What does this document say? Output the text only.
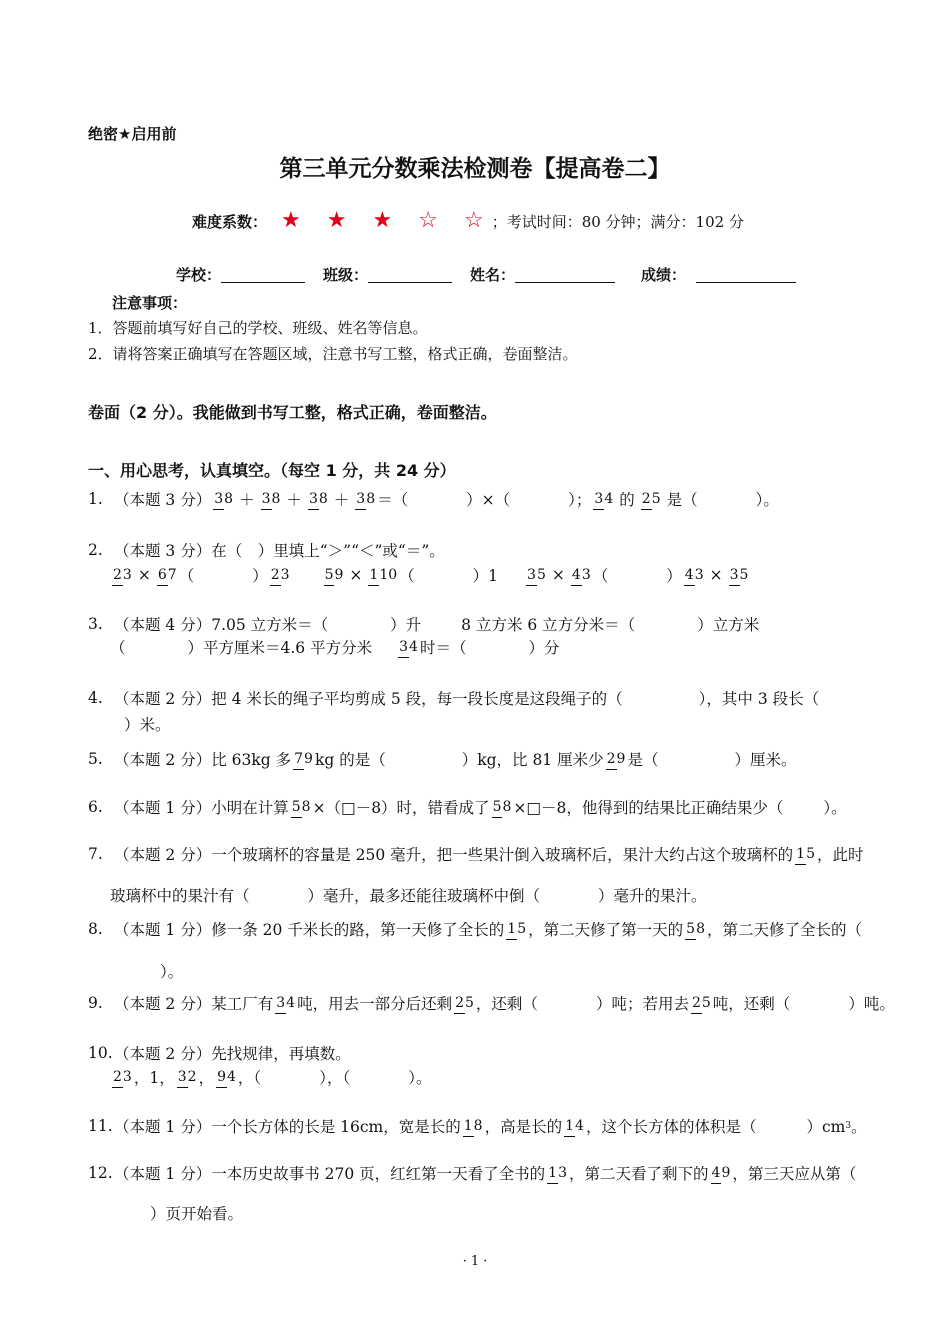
绝密★启用前
第三单元分数乘法检测卷【提高卷二】
难度系数： ★ ★ ★ ☆ ☆ ；考试时间：80 分钟；满分：102 分
学校：	班级：	姓名：	成绩：
注意事项：
1．答题前填写好自己的学校、班级、姓名等信息。
2．请将答案正确填写在答题区域，注意书写工整，格式正确，卷面整洁。
卷面（2 分）。我能做到书写工整，格式正确，卷面整洁。
一、用心思考，认真填空。（每空 1 分，共 24 分）
1. （本题 3 分） 38 ＋ 38 ＋ 38 ＋ 38 ＝（	）×（	）； 34 的 25 是（	）。
2. （本题 3 分）在（　）里填上“＞”“＜”或“＝”。
23 × 67 （	） 23	59 × 110 （	）1 35 × 43 （	） 43 × 35
3. （本题 4 分）7.05 立方米＝（	）升	8 立方米 6 立方分米＝（	）立方米
（	）平方厘米＝4.6 平方分米 34 时＝（	）分
4. （本题 2 分）把 4 米长的绳子平均剪成 5 段，每一段长度是这段绳子的（	），其中 3 段长（
）米。
5. （本题 2 分）比 63kg 多 79 kg 的是（	）kg，比 81 厘米少 29 是（	）厘米。
6. （本题 1 分）小明在计算 58 ×（□－8）时，错看成了 58 ×□－8，他得到的结果比正确结果少（	）。
7. （本题 2 分）一个玻璃杯的容量是 250 毫升，把一些果汁倒入玻璃杯后，果汁大约占这个玻璃杯的 15 ，此时
玻璃杯中的果汁有（	）毫升，最多还能往玻璃杯中倒（	）毫升的果汁。
8. （本题 1 分）修一条 20 千米长的路，第一天修了全长的 15 ，第二天修了第一天的 58 ，第二天修了全长的（
）。
9. （本题 2 分）某工厂有 34 吨，用去一部分后还剩 25 ，还剩（	）吨；若用去 25 吨，还剩（	）吨。
10. （本题 2 分）先找规律，再填数。
23 ，1， 32 ， 94 ，（	），（	）。
11. （本题 1 分）一个长方体的长是 16cm，宽是长的 18 ，高是长的 14 ，这个长方体的体积是（	）cm 3 。
12. （本题 1 分）一本历史故事书 270 页，红红第一天看了全书的 13 ，第二天看了剩下的 49 ，第三天应从第（
）页开始看。
· 1 ·
